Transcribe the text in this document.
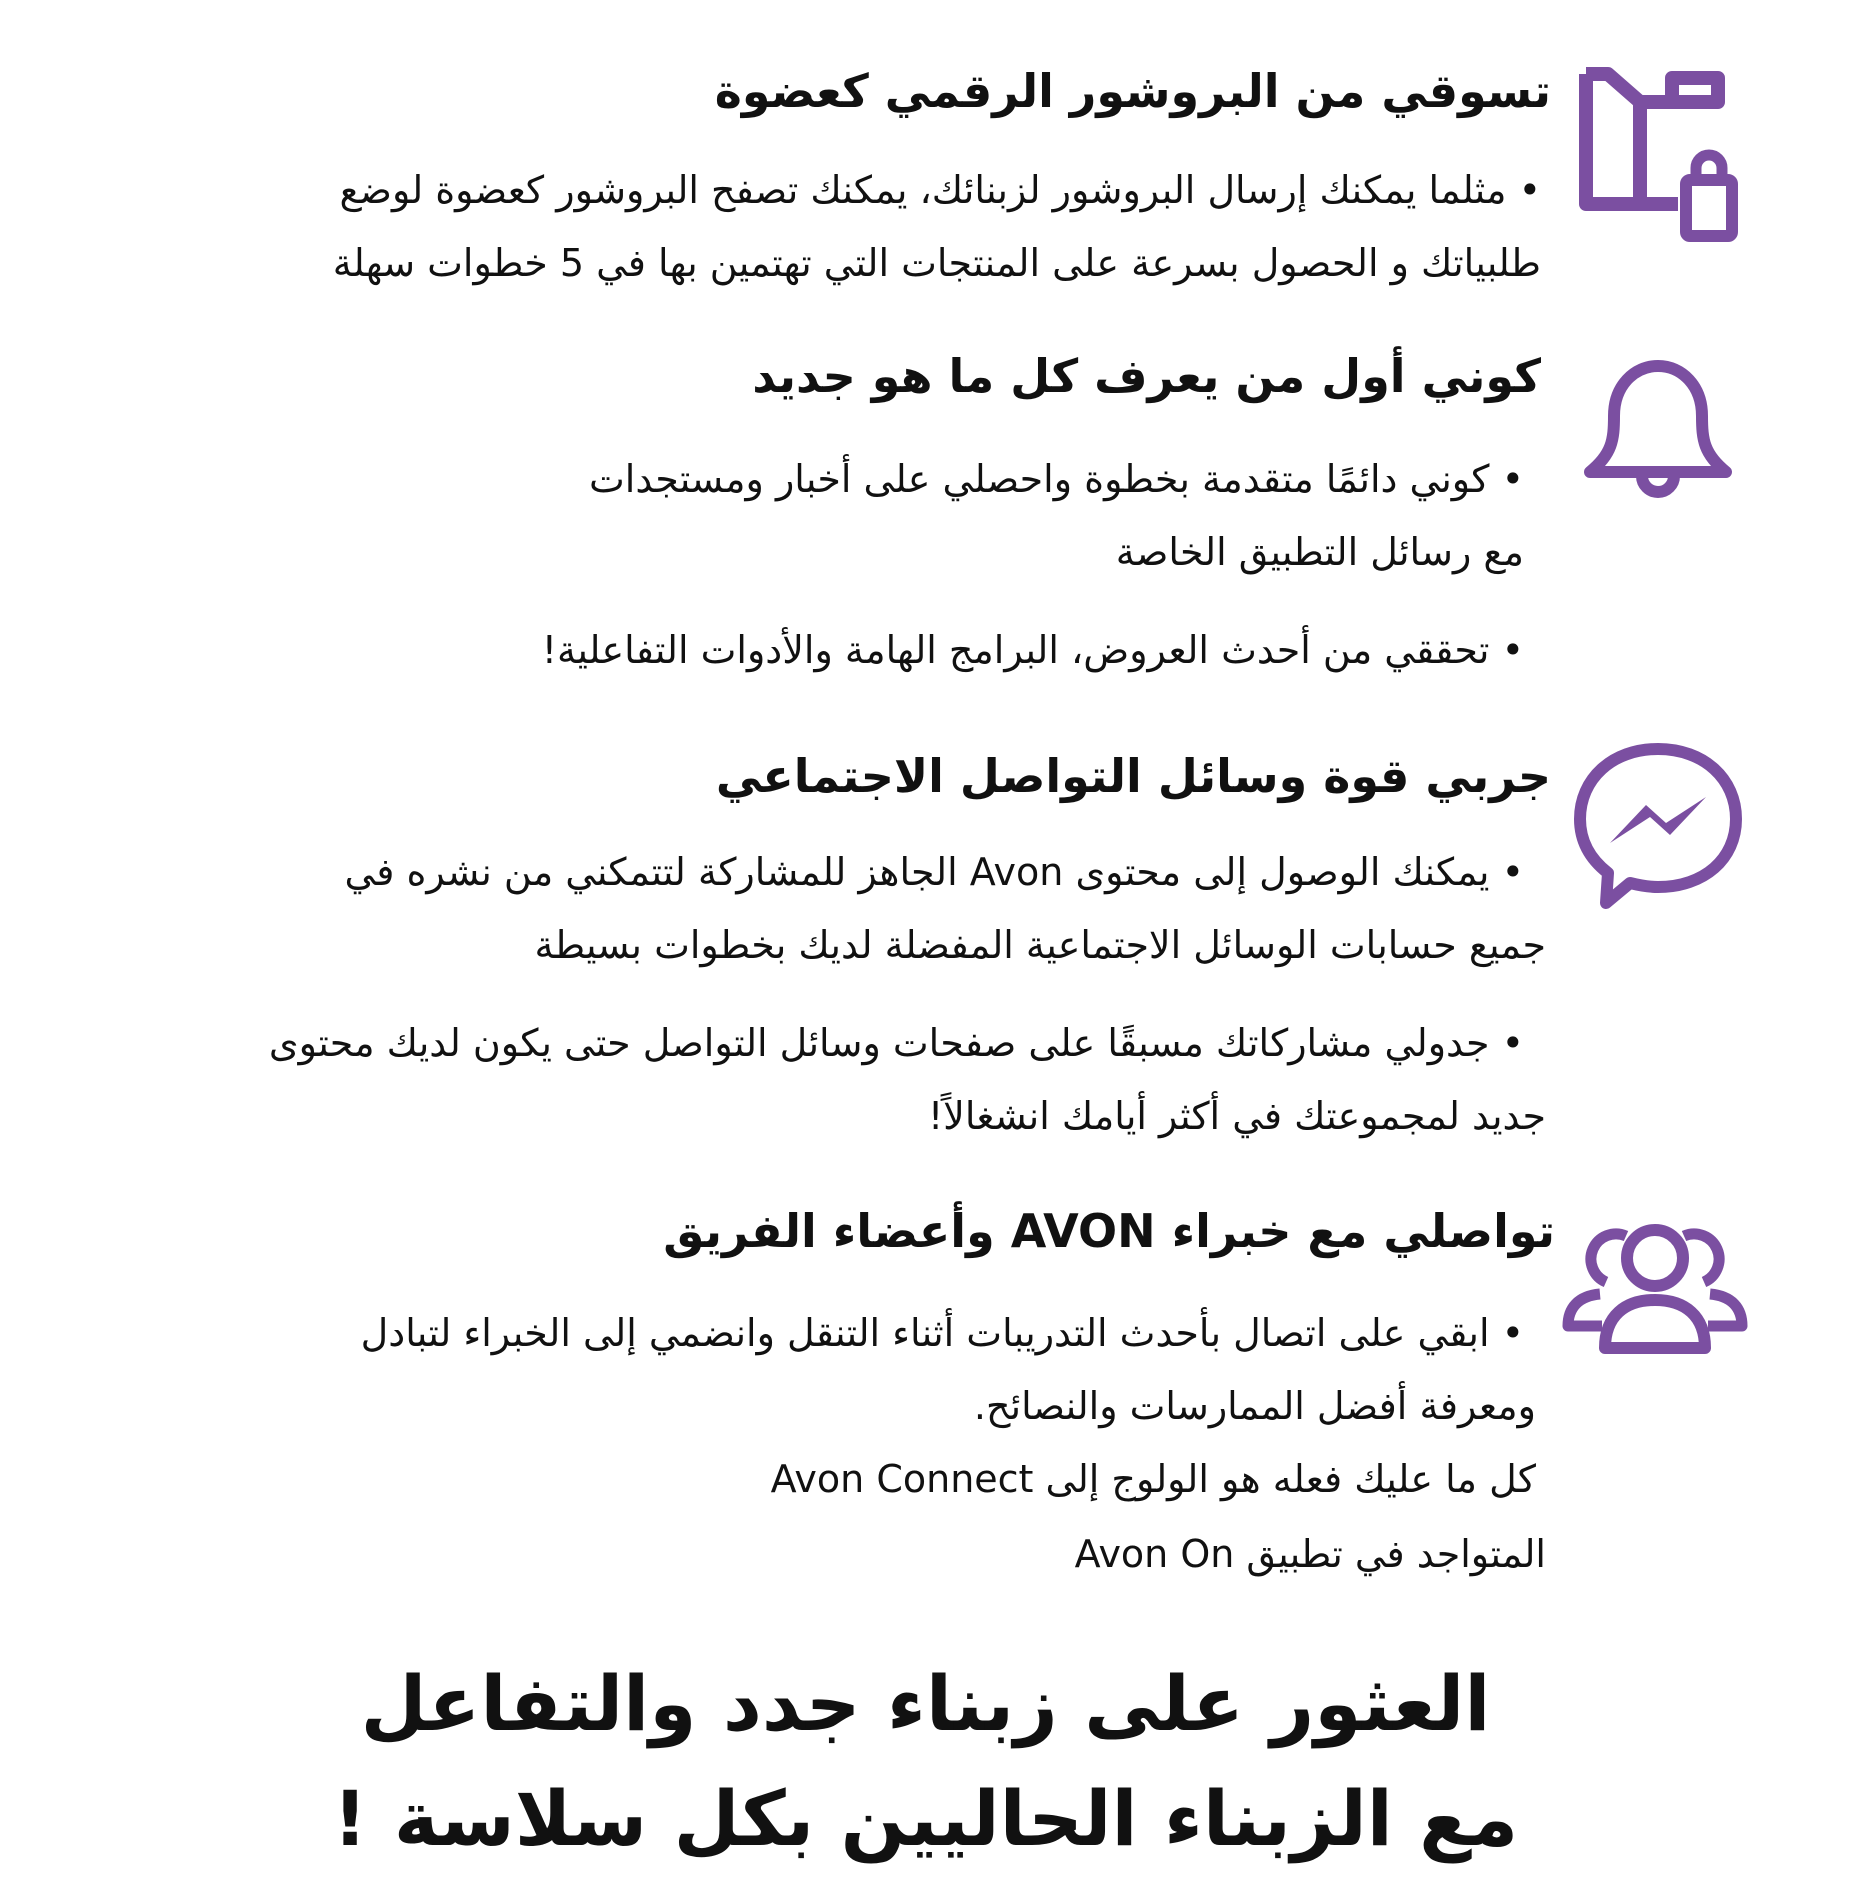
تسوقي من البروشور الرقمي كعضوة
• مثلما يمكنك إرسال البروشور لزبنائك، يمكنك تصفح البروشور كعضوة لوضع
طلبياتك و الحصول بسرعة على المنتجات التي تهتمين بها في 5 خطوات سهلة
كوني أول من يعرف كل ما هو جديد
• كوني دائمًا متقدمة بخطوة واحصلي على أخبار ومستجدات
مع رسائل التطبيق الخاصة
• تحققي من أحدث العروض، البرامج الهامة والأدوات التفاعلية!
جربي قوة وسائل التواصل الاجتماعي
• يمكنك الوصول إلى محتوى Avon الجاهز للمشاركة لتتمكني من نشره في
جميع حسابات الوسائل الاجتماعية المفضلة لديك بخطوات بسيطة
• جدولي مشاركاتك مسبقًا على صفحات وسائل التواصل حتى يكون لديك محتوى
جديد لمجموعتك في أكثر أيامك انشغالاً!
تواصلي مع خبراء AVON وأعضاء الفريق
• ابقي على اتصال بأحدث التدريبات أثناء التنقل وانضمي إلى الخبراء لتبادل
ومعرفة أفضل الممارسات والنصائح.
كل ما عليك فعله هو الولوج إلى Avon Connect
المتواجد في تطبيق Avon On
العثور على زبناء جدد والتفاعل
مع الزبناء الحاليين بكل سلاسة !
